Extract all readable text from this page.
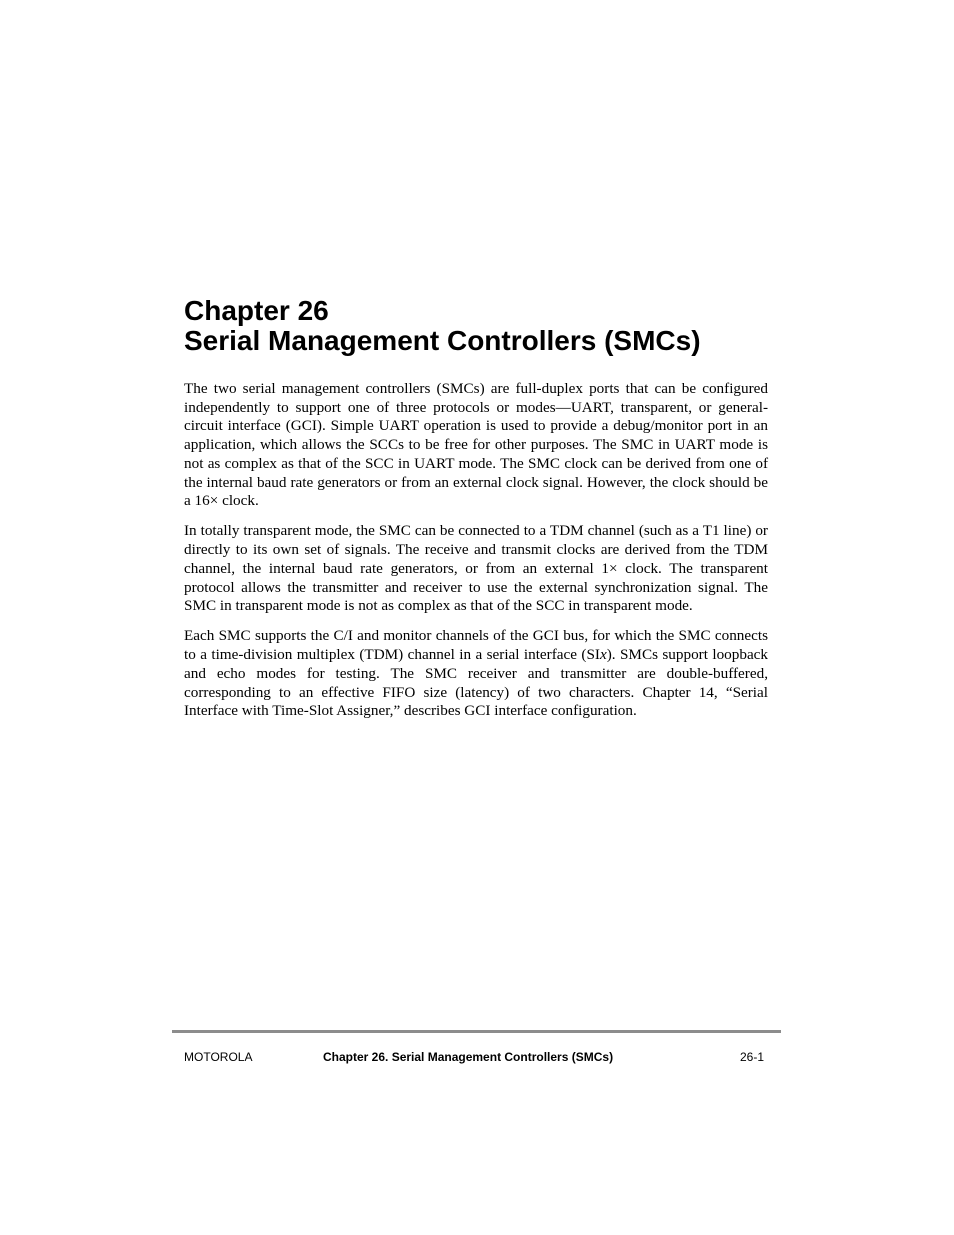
Chapter 26
Serial Management Controllers (SMCs)

The two serial management controllers (SMCs) are full-duplex ports that can be configured independently to support one of three protocols or modes—UART, transparent, or general-circuit interface (GCI). Simple UART operation is used to provide a debug/monitor port in an application, which allows the SCCs to be free for other purposes. The SMC in UART mode is not as complex as that of the SCC in UART mode. The SMC clock can be derived from one of the internal baud rate generators or from an external clock signal. However, the clock should be a 16× clock.

In totally transparent mode, the SMC can be connected to a TDM channel (such as a T1 line) or directly to its own set of signals. The receive and transmit clocks are derived from the TDM channel, the internal baud rate generators, or from an external 1× clock. The transparent protocol allows the transmitter and receiver to use the external synchronization signal. The SMC in transparent mode is not as complex as that of the SCC in transparent mode.

Each SMC supports the C/I and monitor channels of the GCI bus, for which the SMC connects to a time-division multiplex (TDM) channel in a serial interface (SIx). SMCs support loopback and echo modes for testing. The SMC receiver and transmitter are double-buffered, corresponding to an effective FIFO size (latency) of two characters. Chapter 14, “Serial Interface with Time-Slot Assigner,” describes GCI interface configuration.

MOTOROLA	Chapter 26. Serial Management Controllers (SMCs)	26-1
